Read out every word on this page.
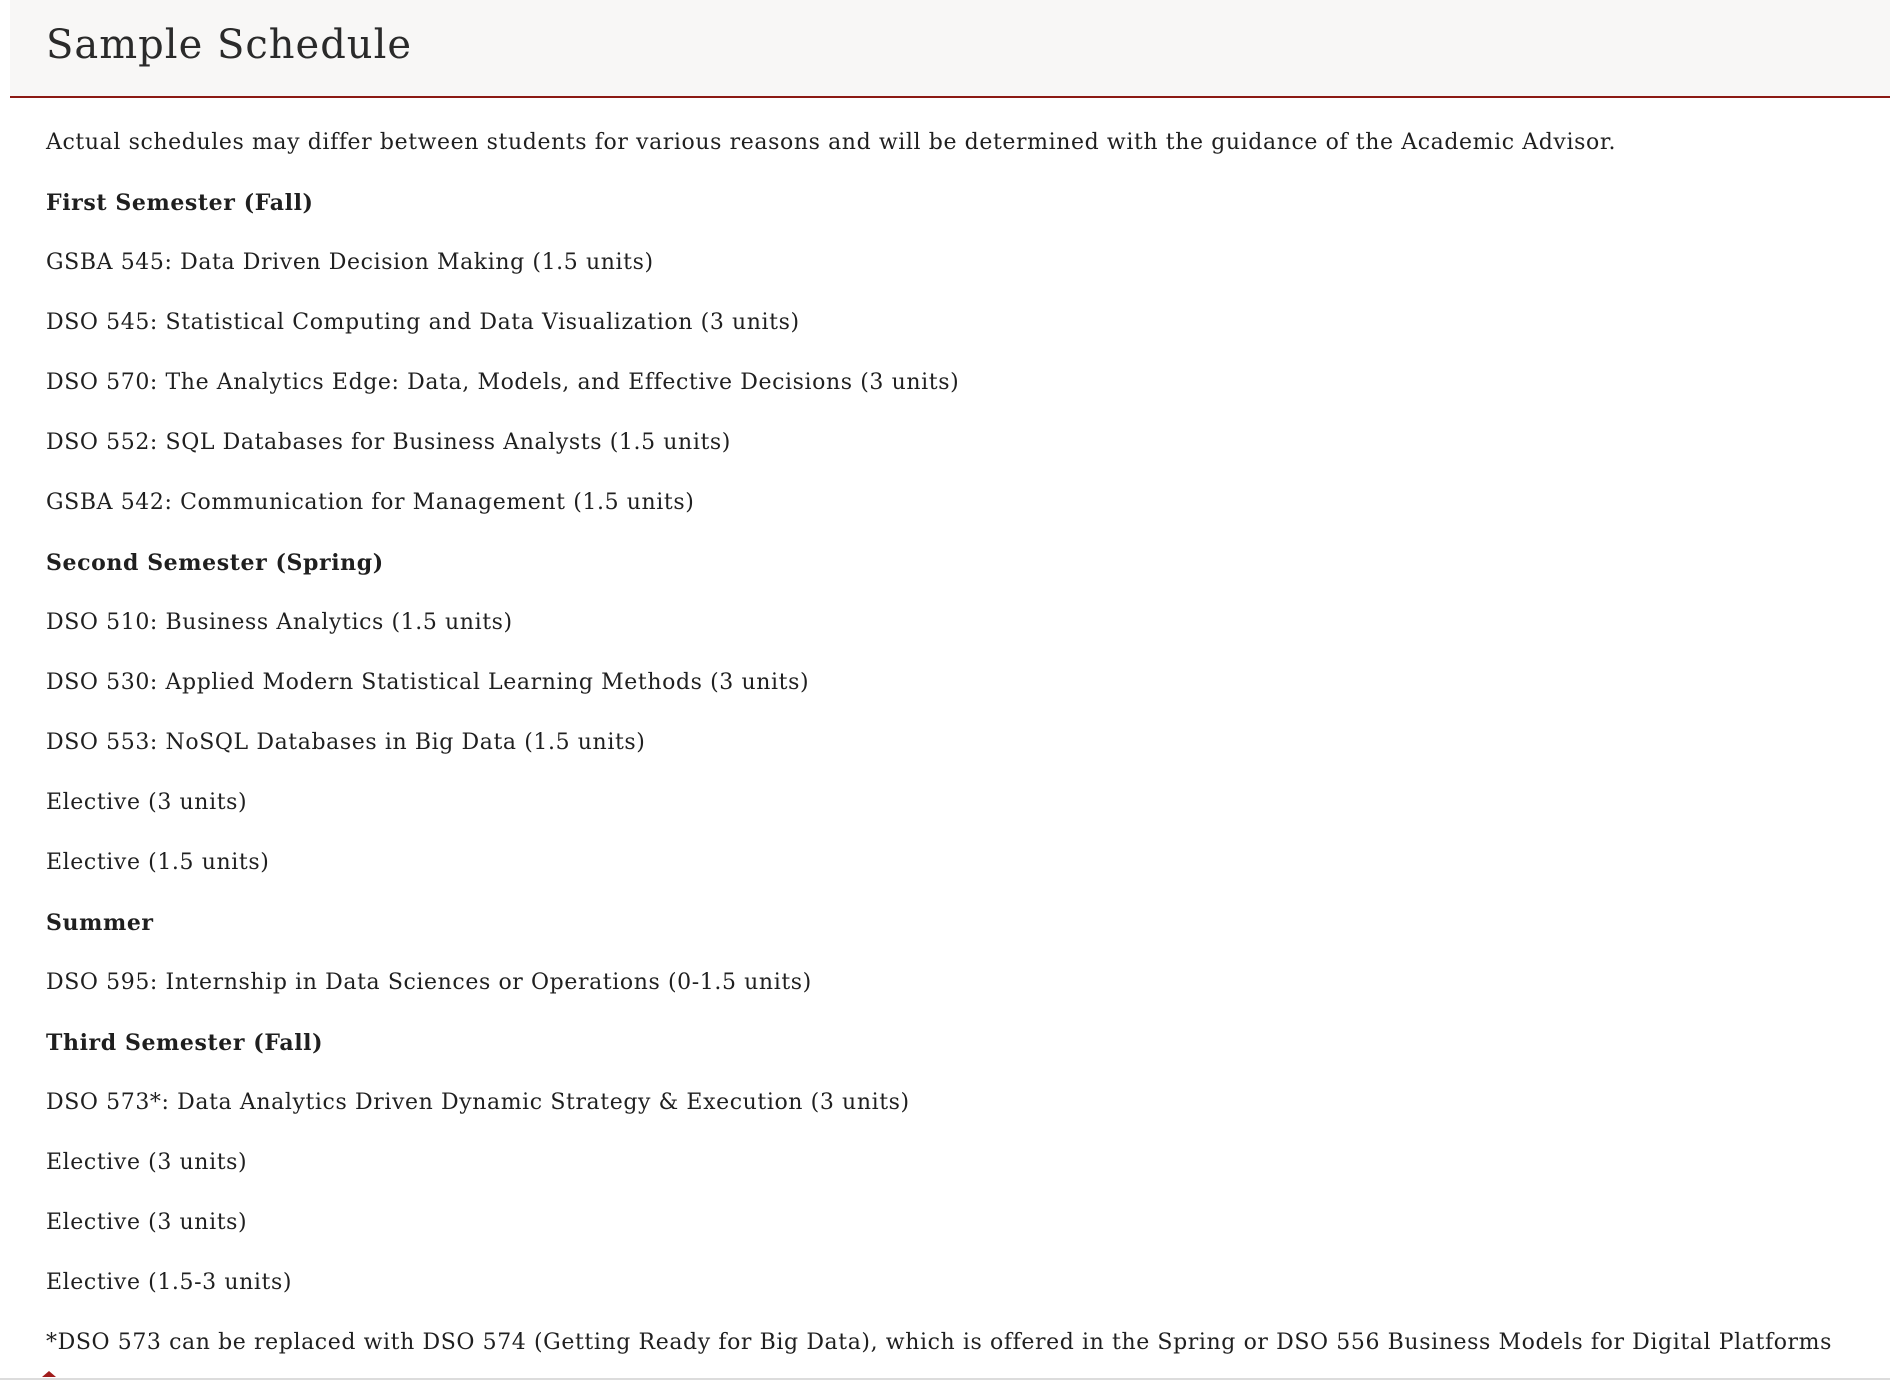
Sample Schedule

Actual schedules may differ between students for various reasons and will be determined with the guidance of the Academic Advisor.

First Semester (Fall)

GSBA 545: Data Driven Decision Making (1.5 units)

DSO 545: Statistical Computing and Data Visualization (3 units)

DSO 570: The Analytics Edge: Data, Models, and Effective Decisions (3 units)

DSO 552: SQL Databases for Business Analysts (1.5 units)

GSBA 542: Communication for Management (1.5 units)

Second Semester (Spring)

DSO 510: Business Analytics (1.5 units)

DSO 530: Applied Modern Statistical Learning Methods (3 units)

DSO 553: NoSQL Databases in Big Data (1.5 units)

Elective (3 units)

Elective (1.5 units)

Summer

DSO 595: Internship in Data Sciences or Operations (0-1.5 units)

Third Semester (Fall)

DSO 573*: Data Analytics Driven Dynamic Strategy & Execution (3 units)

Elective (3 units)

Elective (3 units)

Elective (1.5-3 units)

*DSO 573 can be replaced with DSO 574 (Getting Ready for Big Data), which is offered in the Spring or DSO 556 Business Models for Digital Platforms
